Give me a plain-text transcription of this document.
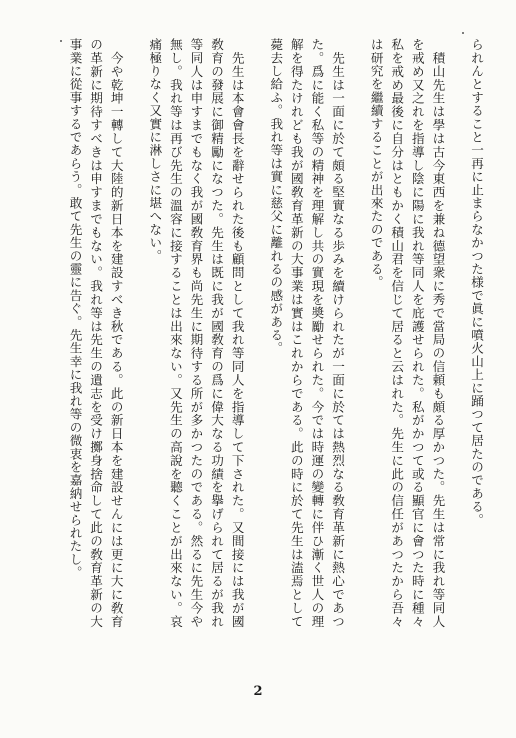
られんとすること一再に止まらなかつた様で眞に噴火山上に踊つて居たのである。

　積山先生は學は古今東西を兼ね德望衆に秀で當局の信頼も頗る厚かつた。先生は常に我れ等同人を戒め又之れを指導し陰に陽に我れ等同人を庇護せられた。私がかつて或る顯官に會つた時に種々私を戒め最後に自分はともかく積山君を信じて居ると云はれた。先生に此の信任があつたから吾々は研究を繼續することが出來たのである。

　先生は一面に於て頗る堅實なる歩みを續けられたが一面に於ては熱烈なる敎育革新に熱心であつた。爲に能く私等の精神を理解し共の實現を奬勵せられた。今では時運の變轉に伴ひ漸く世人の理解を得たけれども我が國敎育革新の大事業は實はこれからである。此の時に於て先生は溘焉として薨去し給ふ。我れ等は實に慈父に離れるの感がある。

　先生は本會會長を辭せられた後も顧問として我れ等同人を指導して下された。又間接には我が國敎育の發展に御精勵になつた。先生は既に我が國敎育の爲に偉大なる功績を擧げられて居るが我れ等同人は申すまでもなく我が國敎育界も尚先生に期待する所が多かつたのである。然るに先生今や無し。我れ等は再び先生の溫容に接することは出來ない。又先生の高說を聽くことが出來ない。哀痛極りなく又實に淋しさに堪へない。

　今や乾坤一轉して大陸的新日本を建設すべき秋である。此の新日本を建設せんには更に大に敎育の革新に期待すべきは申すまでもない。我れ等は先生の遺志を受け擲身捨命して此の敎育革新の大事業に從事するであらう。敢て先生の靈に告ぐ。先生幸に我れ等の微衷を嘉納せられたし。

2
